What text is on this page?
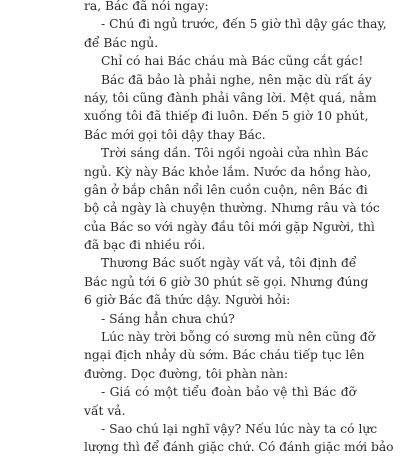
ra, Bác đã nói ngay:
- Chú đi ngủ trước, đến 5 giờ thì dậy gác thay,
để Bác ngủ.
Chỉ có hai Bác cháu mà Bác cũng cắt gác!
Bác đã bảo là phải nghe, nên mặc dù rất áy
náy, tôi cũng đành phải vâng lời. Mệt quá, nằm
xuống tôi đã thiếp đi luôn. Đến 5 giờ 10 phút,
Bác mới gọi tôi dậy thay Bác.
Trời sáng dần. Tôi ngồi ngoài cửa nhìn Bác
ngủ. Kỳ này Bác khỏe lắm. Nước da hồng hào,
gân ở bắp chân nổi lên cuồn cuộn, nên Bác đi
bộ cả ngày là chuyện thường. Nhưng râu và tóc
của Bác so với ngày đầu tôi mới gặp Người, thì
đã bạc đi nhiều rồi.
Thương Bác suốt ngày vất vả, tôi định để
Bác ngủ tới 6 giờ 30 phút sẽ gọi. Nhưng đúng
6 giờ Bác đã thức dậy. Người hỏi:
- Sáng hẳn chưa chú?
Lúc này trời bỗng có sương mù nên cũng đỡ
ngại địch nhảy dù sớm. Bác cháu tiếp tục lên
đường. Dọc đường, tôi phàn nàn:
- Giá có một tiểu đoàn bảo vệ thì Bác đỡ
vất vả.
- Sao chú lại nghĩ vậy? Nếu lúc này ta có lực
lượng thì để đánh giặc chứ. Có đánh giặc mới bảo
